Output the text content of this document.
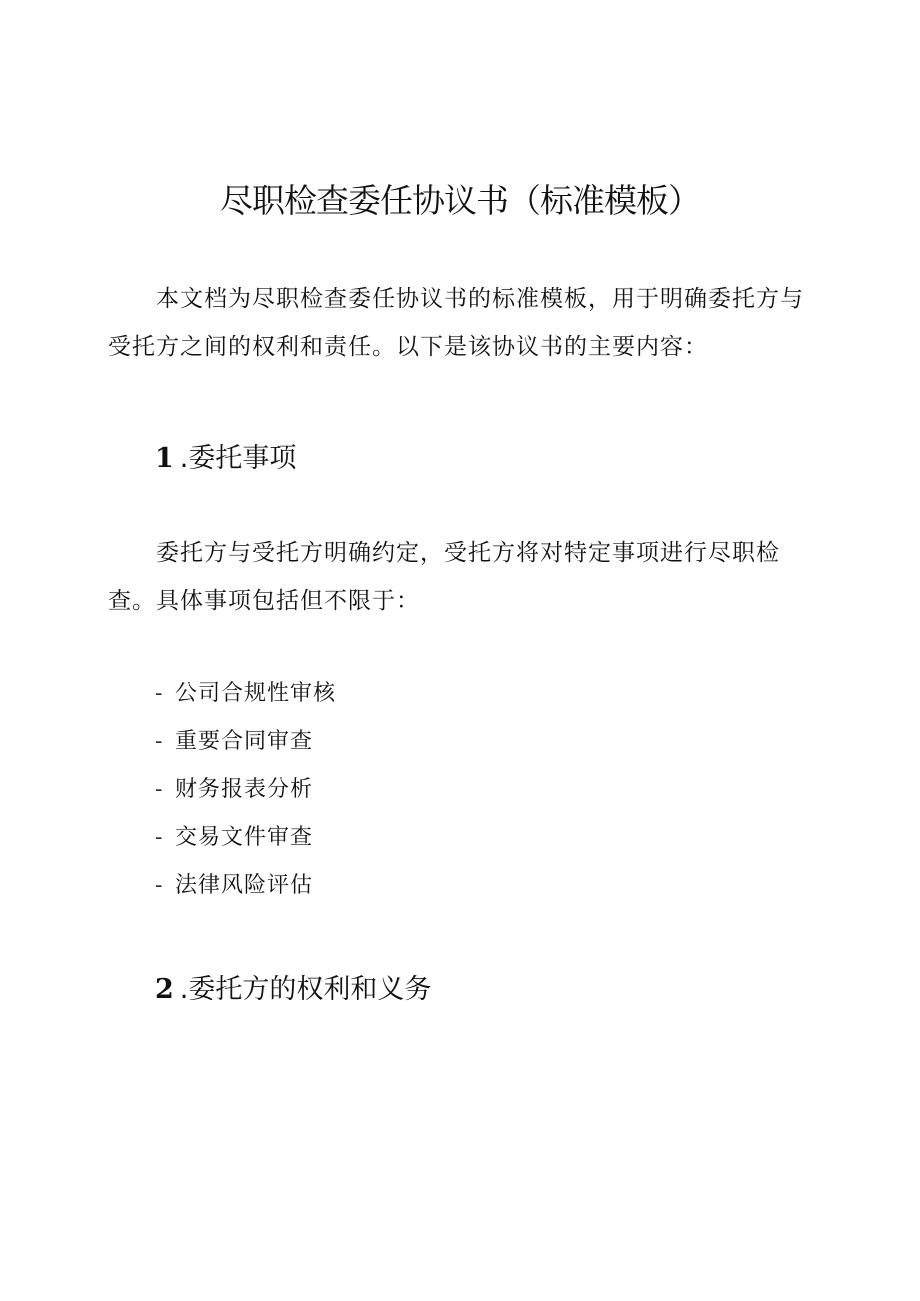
尽职检查委任协议书（标准模板）

本文档为尽职检查委任协议书的标准模板，用于明确委托方与受托方之间的权利和责任。以下是该协议书的主要内容：

1 .委托事项

委托方与受托方明确约定，受托方将对特定事项进行尽职检查。具体事项包括但不限于：

- 公司合规性审核
- 重要合同审查
- 财务报表分析
- 交易文件审查
- 法律风险评估
2 .委托方的权利和义务
